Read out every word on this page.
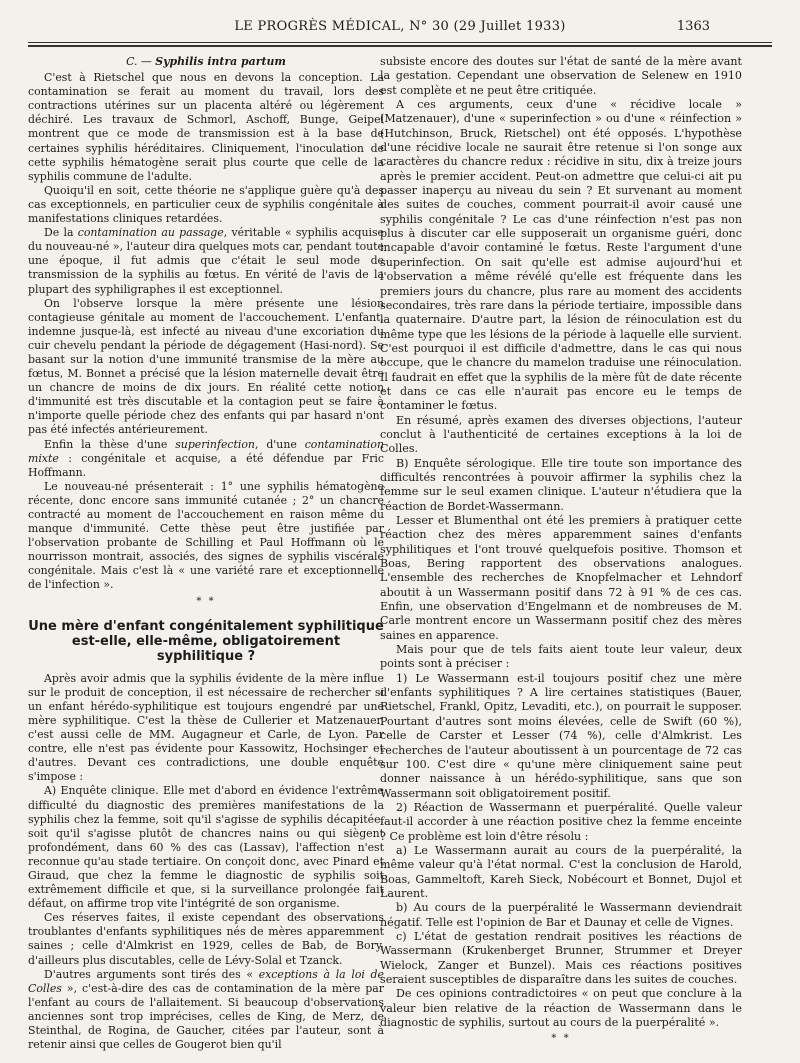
LE PROGRÈS MÉDICAL, N° 30 (29 Juillet 1933)	1363
C. — Syphilis intra partum

C'est à Rietschel que nous en devons la conception. La contamination se ferait au moment du travail, lors des contractions utérines sur un placenta altéré ou légèrement déchiré. Les travaux de Schmorl, Aschoff, Bunge, Geipel montrent que ce mode de transmission est à la base de certaines syphilis héréditaires. Cliniquement, l'inoculation de cette syphilis hématogène serait plus courte que celle de la syphilis commune de l'adulte.

Quoiqu'il en soit, cette théorie ne s'applique guère qu'à des cas exceptionnels, en particulier ceux de syphilis congénitale à manifestations cliniques retardées.

De la contamination au passage, véritable « syphilis acquise du nouveau-né », l'auteur dira quelques mots car, pendant toute une époque, il fut admis que c'était le seul mode de transmission de la syphilis au fœtus. En vérité de l'avis de la plupart des syphiligraphes il est exceptionnel.

On l'observe lorsque la mère présente une lésion contagieuse génitale au moment de l'accouchement. L'enfant, indemne jusque-là, est infecté au niveau d'une excoriation du cuir chevelu pendant la période de dégagement (Hasi-nord). Se basant sur la notion d'une immunité transmise de la mère au fœtus, M. Bonnet a précisé que la lésion maternelle devait être un chancre de moins de dix jours. En réalité cette notion d'immunité est très discutable et la contagion peut se faire à n'importe quelle période chez des enfants qui par hasard n'ont pas été infectés antérieurement.

Enfin la thèse d'une superinfection, d'une contamination mixte : congénitale et acquise, a été défendue par Fric Hoffmann.

Le nouveau-né présenterait : 1° une syphilis hématogène récente, donc encore sans immunité cutanée ; 2° un chancre contracté au moment de l'accouchement en raison même du manque d'immunité. Cette thèse peut être justifiée par l'observation probante de Schilling et Paul Hoffmann où le nourrisson montrait, associés, des signes de syphilis viscérale congénitale. Mais c'est là « une variété rare et exceptionnelle de l'infection ».

* *
Une mère d'enfant congénitalement syphilitique est-elle, elle-même, obligatoirement syphilitique ?

Après avoir admis que la syphilis évidente de la mère influe sur le produit de conception, il est nécessaire de rechercher si un enfant hérédo-syphilitique est toujours engendré par une mère syphilitique. C'est la thèse de Cullerier et Matzenauer, c'est aussi celle de MM. Augagneur et Carle, de Lyon. Par contre, elle n'est pas évidente pour Kassowitz, Hochsinger et d'autres. Devant ces contradictions, une double enquête s'impose :

A) Enquête clinique. Elle met d'abord en évidence l'extrême difficulté du diagnostic des premières manifestations de la syphilis chez la femme, soit qu'il s'agisse de syphilis décapitée, soit qu'il s'agisse plutôt de chancres nains ou qui siègent profondément, dans 60 % des cas (Lassav), l'affection n'est reconnue qu'au stade tertiaire. On conçoit donc, avec Pinard et Giraud, que chez la femme le diagnostic de syphilis soit extrêmement difficile et que, si la surveillance prolongée fait défaut, on affirme trop vite l'intégrité de son organisme.

Ces réserves faites, il existe cependant des observations troublantes d'enfants syphilitiques nés de mères apparemment saines ; celle d'Almkrist en 1929, celles de Bab, de Bory, d'ailleurs plus discutables, celle de Lévy-Solal et Tzanck.

D'autres arguments sont tirés des « exceptions à la loi de Colles », c'est-à-dire des cas de contamination de la mère par l'enfant au cours de l'allaitement. Si beaucoup d'observations anciennes sont trop imprécises, celles de King, de Merz, de Steinthal, de Rogina, de Gaucher, citées par l'auteur, sont à retenir ainsi que celles de Gougerot bien qu'il

subsiste encore des doutes sur l'état de santé de la mère avant la gestation. Cependant une observation de Selenew en 1910 est complète et ne peut être critiquée.

A ces arguments, ceux d'une « récidive locale » (Matzenauer), d'une « superinfection » ou d'une « réinfection » (Hutchinson, Bruck, Rietschel) ont été opposés. L'hypothèse d'une récidive locale ne saurait être retenue si l'on songe aux caractères du chancre redux : récidive in situ, dix à treize jours après le premier accident. Peut-on admettre que celui-ci ait pu passer inaperçu au niveau du sein ? Et survenant au moment des suites de couches, comment pourrait-il avoir causé une syphilis congénitale ? Le cas d'une réinfection n'est pas non plus à discuter car elle supposerait un organisme guéri, donc incapable d'avoir contaminé le fœtus. Reste l'argument d'une superinfection. On sait qu'elle est admise aujourd'hui et l'observation a même révélé qu'elle est fréquente dans les premiers jours du chancre, plus rare au moment des accidents secondaires, très rare dans la période tertiaire, impossible dans la quaternaire. D'autre part, la lésion de réinoculation est du même type que les lésions de la période à laquelle elle survient. C'est pourquoi il est difficile d'admettre, dans le cas qui nous occupe, que le chancre du mamelon traduise une réinoculation. Il faudrait en effet que la syphilis de la mère fût de date récente et dans ce cas elle n'aurait pas encore eu le temps de contaminer le fœtus.

En résumé, après examen des diverses objections, l'auteur conclut à l'authenticité de certaines exceptions à la loi de Colles.

B) Enquête sérologique. Elle tire toute son importance des difficultés rencontrées à pouvoir affirmer la syphilis chez la femme sur le seul examen clinique. L'auteur n'étudiera que la réaction de Bordet-Wassermann.

Lesser et Blumenthal ont été les premiers à pratiquer cette réaction chez des mères apparemment saines d'enfants syphilitiques et l'ont trouvé quelquefois positive. Thomson et Boas, Bering rapportent des observations analogues. L'ensemble des recherches de Knopfelmacher et Lehndorf aboutit à un Wassermann positif dans 72 à 91 % de ces cas. Enfin, une observation d'Engelmann et de nombreuses de M. Carle montrent encore un Wassermann positif chez des mères saines en apparence.

Mais pour que de tels faits aient toute leur valeur, deux points sont à préciser :

1) Le Wassermann est-il toujours positif chez une mère d'enfants syphilitiques ? A lire certaines statistiques (Bauer, Rietschel, Frankl, Opitz, Levaditi, etc.), on pourrait le supposer. Pourtant d'autres sont moins élevées, celle de Swift (60 %), celle de Carster et Lesser (74 %), celle d'Almkrist. Les recherches de l'auteur aboutissent à un pourcentage de 72 cas sur 100. C'est dire « qu'une mère cliniquement saine peut donner naissance à un hérédo-syphilitique, sans que son Wassermann soit obligatoirement positif.

2) Réaction de Wassermann et puerpéralité. Quelle valeur faut-il accorder à une réaction positive chez la femme enceinte ? Ce problème est loin d'être résolu :

a) Le Wassermann aurait au cours de la puerpéralité, la même valeur qu'à l'état normal. C'est la conclusion de Harold, Boas, Gammeltoft, Kareh Sieck, Nobécourt et Bonnet, Dujol et Laurent.

b) Au cours de la puerpéralité le Wassermann deviendrait négatif. Telle est l'opinion de Bar et Daunay et celle de Vignes.

c) L'état de gestation rendrait positives les réactions de Wassermann (Krukenberget Brunner, Strummer et Dreyer Wielock, Zanger et Bunzel). Mais ces réactions positives seraient susceptibles de disparaître dans les suites de couches.

De ces opinions contradictoires « on peut que conclure à la valeur bien relative de la réaction de Wassermann dans le diagnostic de syphilis, surtout au cours de la puerpéralité ».

* *
